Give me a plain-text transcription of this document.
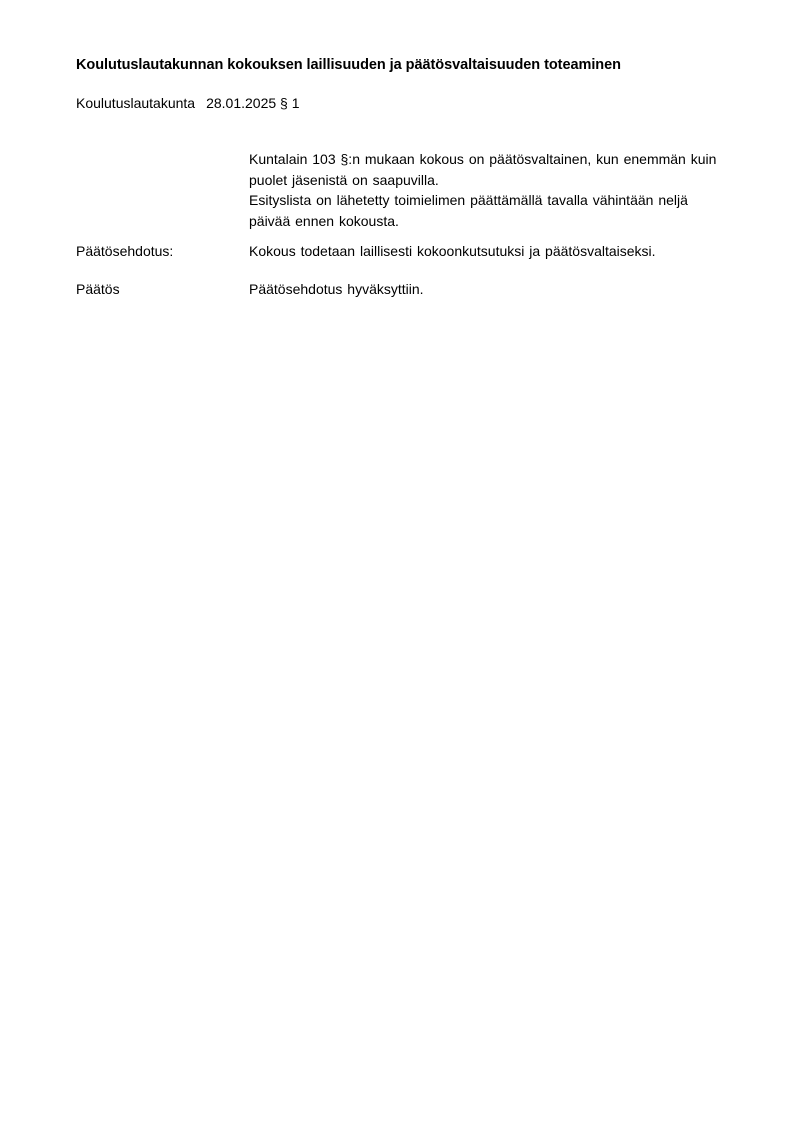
Koulutuslautakunnan kokouksen laillisuuden ja päätösvaltaisuuden toteaminen
Koulutuslautakunta 28.01.2025 § 1

Kuntalain 103 §:n mukaan kokous on päätösvaltainen, kun enemmän kuin puolet jäsenistä on saapuvilla.

Esityslista on lähetetty toimielimen päättämällä tavalla vähintään neljä päivää ennen kokousta.

Päätösehdotus:	Kokous todetaan laillisesti kokoonkutsutuksi ja päätösvaltaiseksi.
Päätös	Päätösehdotus hyväksyttiin.
